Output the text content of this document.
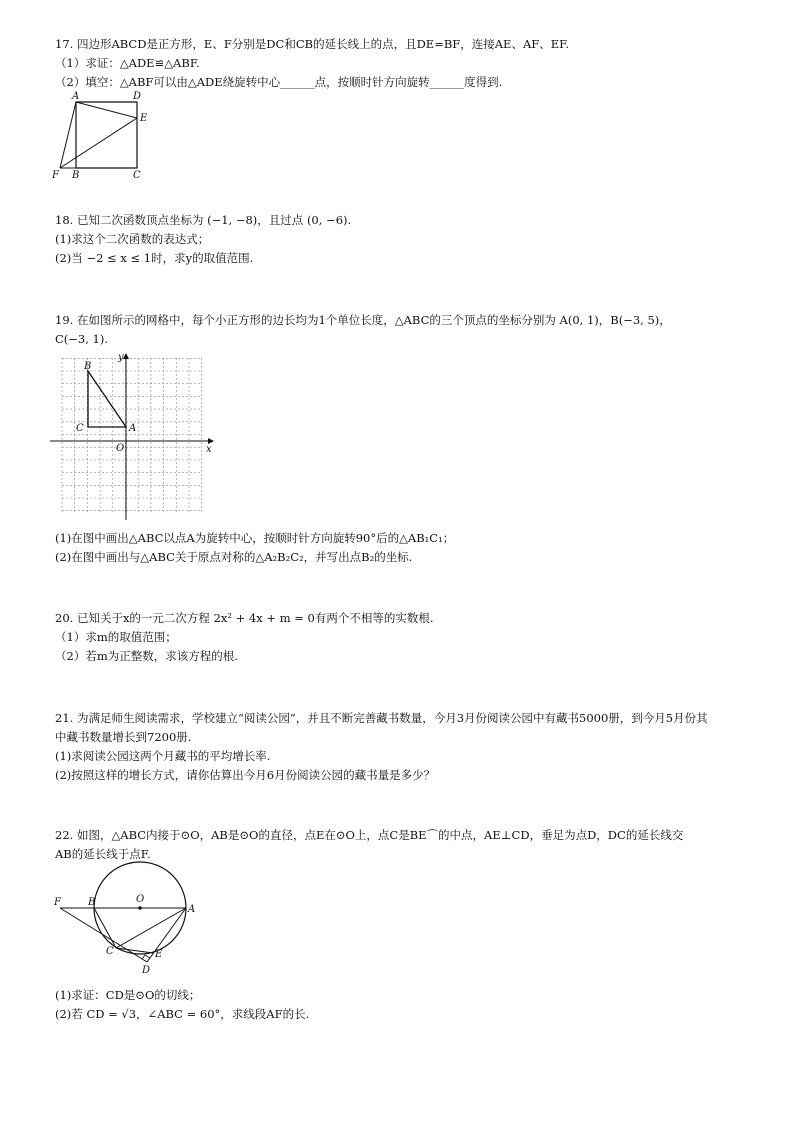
17. 四边形ABCD是正方形，E、F分别是DC和CB的延长线上的点，且DE=BF，连接AE、AF、EF.
（1）求证：△ADE≌△ABF.
（2）填空：△ABF可以由△ADE绕旋转中心______点，按顺时针方向旋转______度得到.
A	D
E
F B	C
18. 已知二次函数顶点坐标为 (−1, −8)，且过点 (0, −6).
(1)求这个二次函数的表达式；
(2)当 −2 ≤ x ≤ 1时，求y的取值范围.
19. 在如图所示的网格中，每个小正方形的边长均为1个单位长度，△ABC的三个顶点的坐标分别为 A(0, 1)，B(−3, 5)，
C(−3, 1).
y
x
O
A
B
C
(1)在图中画出△ABC以点A为旋转中心，按顺时针方向旋转90°后的△AB₁C₁；
(2)在图中画出与△ABC关于原点对称的△A₂B₂C₂，并写出点B₂的坐标.
20. 已知关于x的一元二次方程 2x² + 4x + m = 0有两个不相等的实数根.
（1）求m的取值范围；
（2）若m为正整数，求该方程的根.
21. 为满足师生阅读需求，学校建立“阅读公园”，并且不断完善藏书数量，今月3月份阅读公园中有藏书5000册，到今月5月份其
中藏书数量增长到7200册.
(1)求阅读公园这两个月藏书的平均增长率.
(2)按照这样的增长方式，请你估算出今月6月份阅读公园的藏书量是多少？
22. 如图，△ABC内接于⊙O，AB是⊙O的直径，点E在⊙O上，点C是BE⌒的中点，AE⊥CD，垂足为点D，DC的延长线交
AB的延长线于点F.
F	B	O
A
C	E
D
(1)求证：CD是⊙O的切线；
(2)若 CD = √3，∠ABC = 60°，求线段AF的长.
